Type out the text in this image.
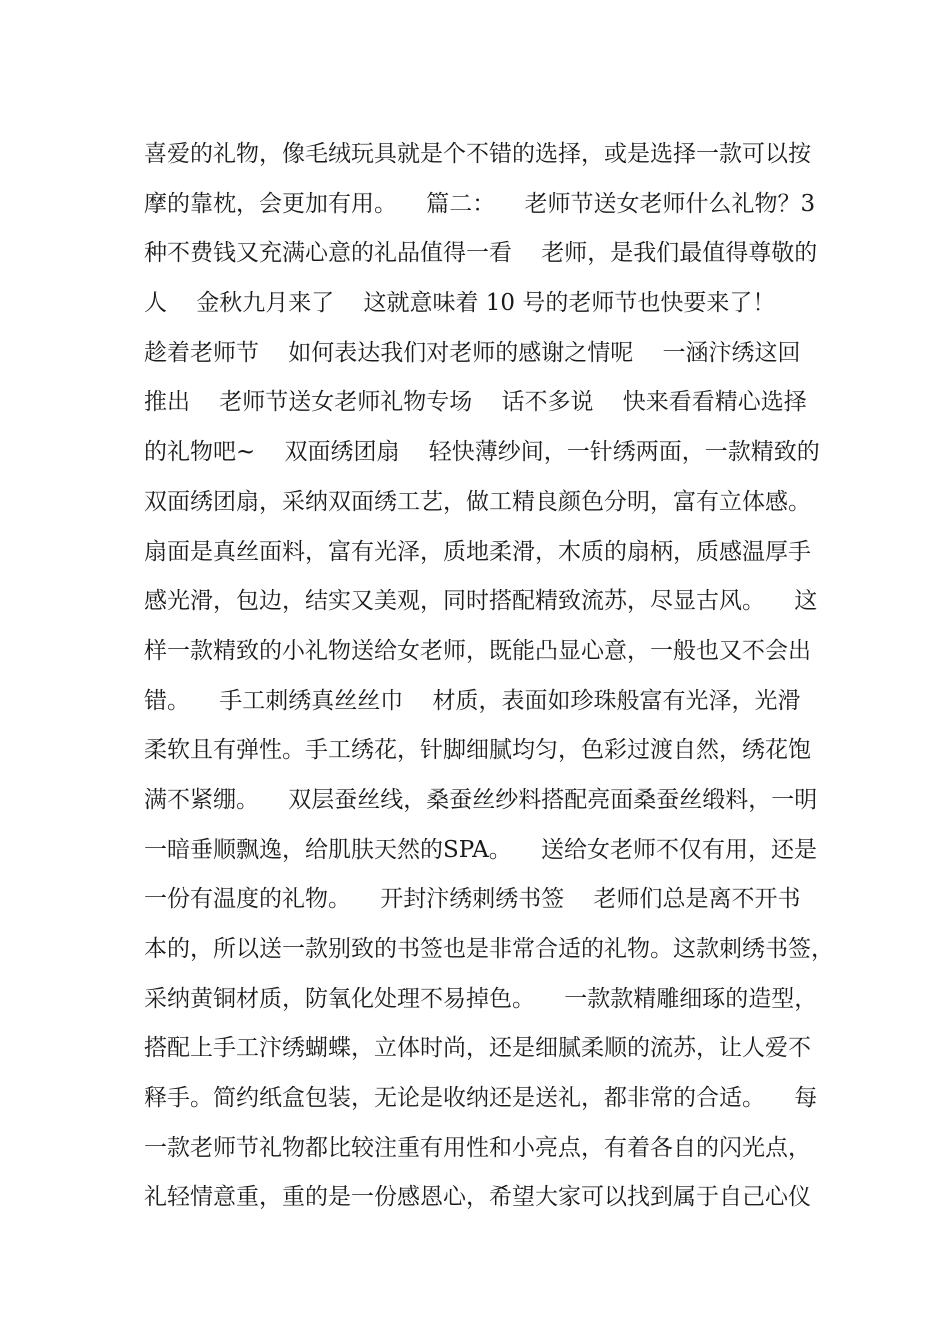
喜爱的礼物，像毛绒玩具就是个不错的选择，或是选择一款可以按
摩的靠枕，会更加有用。    篇二：    老师节送女老师什么礼物？3
种不费钱又充满心意的礼品值得一看    老师，是我们最值得尊敬的
人    金秋九月来了    这就意味着 10 号的老师节也快要来了！
趁着老师节    如何表达我们对老师的感谢之情呢    一涵汴绣这回
推出    老师节送女老师礼物专场    话不多说    快来看看精心选择
的礼物吧~    双面绣团扇    轻快薄纱间，一针绣两面，一款精致的
双面绣团扇，采纳双面绣工艺，做工精良颜色分明，富有立体感。
扇面是真丝面料，富有光泽，质地柔滑，木质的扇柄，质感温厚手
感光滑，包边，结实又美观，同时搭配精致流苏，尽显古风。    这
样一款精致的小礼物送给女老师，既能凸显心意，一般也又不会出
错。    手工刺绣真丝丝巾    材质，表面如珍珠般富有光泽，光滑
柔软且有弹性。手工绣花，针脚细腻均匀，色彩过渡自然，绣花饱
满不紧绷。    双层蚕丝线，桑蚕丝纱料搭配亮面桑蚕丝缎料，一明
一暗垂顺飘逸，给肌肤天然的SPA。    送给女老师不仅有用，还是
一份有温度的礼物。    开封汴绣刺绣书签    老师们总是离不开书
本的，所以送一款别致的书签也是非常合适的礼物。这款刺绣书签，
采纳黄铜材质，防氧化处理不易掉色。    一款款精雕细琢的造型，
搭配上手工汴绣蝴蝶，立体时尚，还是细腻柔顺的流苏，让人爱不
释手。简约纸盒包装，无论是收纳还是送礼，都非常的合适。    每
一款老师节礼物都比较注重有用性和小亮点，有着各自的闪光点，
礼轻情意重，重的是一份感恩心，希望大家可以找到属于自己心仪
